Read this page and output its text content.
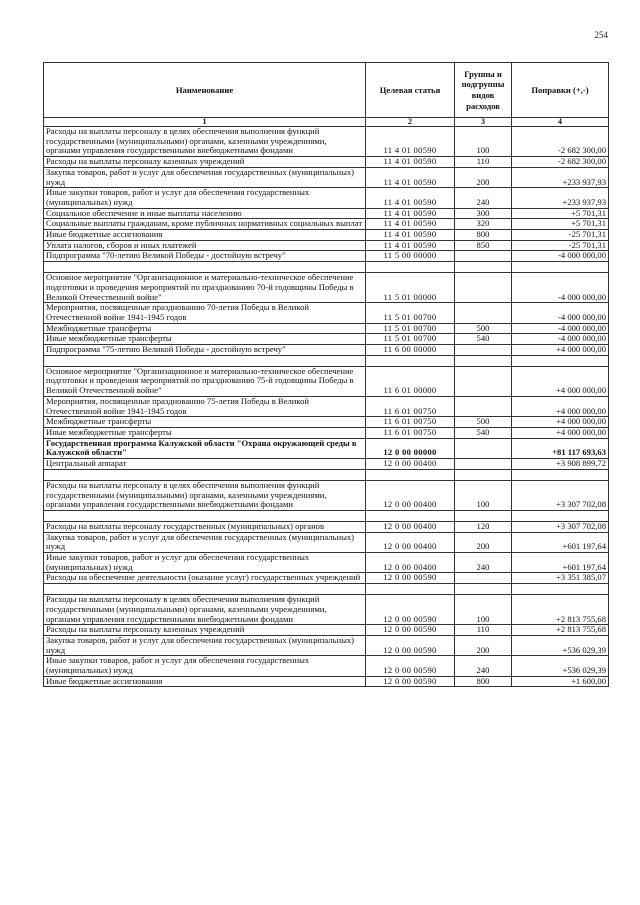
254
Наименование	Целевая статья	Группы и подгруппы видов расходов	Поправки (+,-)
1	2	3	4
Расходы на выплаты персоналу в целях обеспечения выполнения функций государственными (муниципальными) органами, казенными учреждениями, органами управления государственными внебюджетными фондами	11 4 01 00590	100	-2 682 300,00
Расходы на выплаты персоналу казенных учреждений	11 4 01 00590	110	-2 682 300,00
Закупка товаров, работ и услуг для обеспечения государственных (муниципальных) нужд	11 4 01 00590	200	+233 937,93
Иные закупки товаров, работ и услуг для обеспечения государственных (муниципальных) нужд	11 4 01 00590	240	+233 937,93
Социальное обеспечение и иные выплаты населению	11 4 01 00590	300	+5 701,31
Социальные выплаты гражданам, кроме публичных нормативных социальных выплат	11 4 01 00590	320	+5 701,31
Иные бюджетные ассигнования	11 4 01 00590	800	-25 701,31
Уплата налогов, сборов и иных платежей	11 4 01 00590	850	-25 701,31
Подпрограмма "70-летию Великой Победы - достойную встречу"	11 5 00 00000		-4 000 000,00

Основное мероприятие "Организационное и материально-техническое обеспечение подготовки и проведения мероприятий по празднованию 70-й годовщины Победы в Великой Отечественной войне"	11 5 01 00000		-4 000 000,00
Мероприятия, посвященные празднованию 70-летия Победы в Великой Отечественной войне 1941-1945 годов	11 5 01 00700		-4 000 000,00
Межбюджетные трансферты	11 5 01 00700	500	-4 000 000,00
Иные межбюджетные трансферты	11 5 01 00700	540	-4 000 000,00
Подпрограмма "75-летию Великой Победы - достойную встречу"	11 6 00 00000		+4 000 000,00

Основное мероприятие "Организационное и материально-техническое обеспечение подготовки и проведения мероприятий по празднованию 75-й годовщины Победы в Великой Отечественной войне"	11 6 01 00000		+4 000 000,00
Мероприятия, посвященные празднованию 75-летия Победы в Великой Отечественной войне 1941-1945 годов	11 6 01 00750		+4 000 000,00
Межбюджетные трансферты	11 6 01 00750	500	+4 000 000,00
Иные межбюджетные трансферты	11 6 01 00750	540	+4 000 000,00
Государственная программа Калужской области "Охрана окружающей среды в Калужской области"	12 0 00 00000		+81 117 693,63
Центральный аппарат	12 0 00 00400		+3 908 899,72

Расходы на выплаты персоналу в целях обеспечения выполнения функций государственными (муниципальными) органами, казенными учреждениями, органами управления государственными внебюджетными фондами	12 0 00 00400	100	+3 307 702,08

Расходы на выплаты персоналу государственных (муниципальных) органов	12 0 00 00400	120	+3 307 702,08
Закупка товаров, работ и услуг для обеспечения государственных (муниципальных) нужд	12 0 00 00400	200	+601 197,64
Иные закупки товаров, работ и услуг для обеспечения государственных (муниципальных) нужд	12 0 00 00400	240	+601 197,64
Расходы на обеспечение деятельности (оказание услуг) государственных учреждений	12 0 00 00590		+3 351 385,07

Расходы на выплаты персоналу в целях обеспечения выполнения функций государственными (муниципальными) органами, казенными учреждениями, органами управления государственными внебюджетными фондами	12 0 00 00590	100	+2 813 755,68
Расходы на выплаты персоналу казенных учреждений	12 0 00 00590	110	+2 813 755,68
Закупка товаров, работ и услуг для обеспечения государственных (муниципальных) нужд	12 0 00 00590	200	+536 029,39
Иные закупки товаров, работ и услуг для обеспечения государственных (муниципальных) нужд	12 0 00 00590	240	+536 029,39
Иные бюджетные ассигнования	12 0 00 00590	800	+1 600,00
